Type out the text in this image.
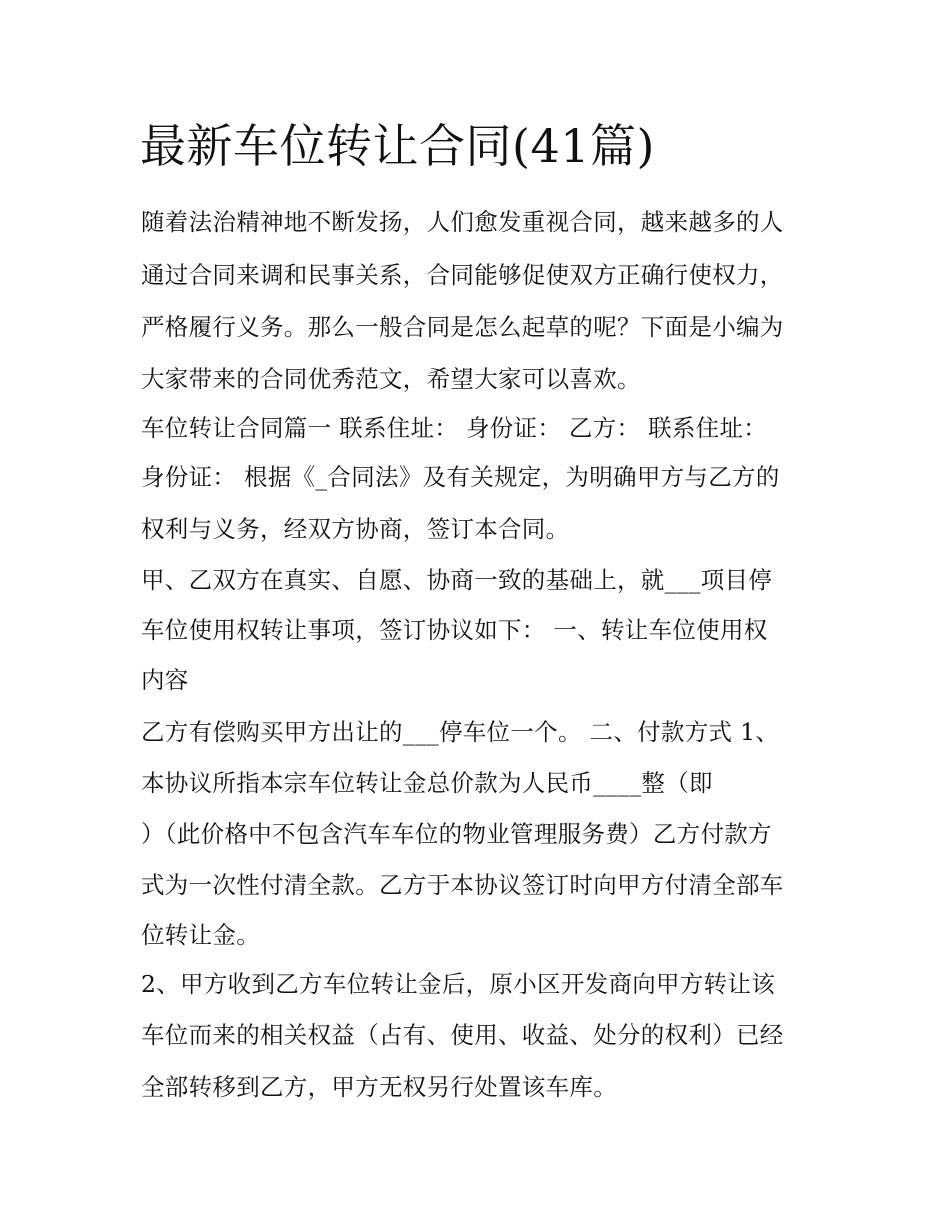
最新车位转让合同(41篇)

随着法治精神地不断发扬，人们愈发重视合同，越来越多的人

通过合同来调和民事关系，合同能够促使双方正确行使权力，

严格履行义务。那么一般合同是怎么起草的呢？下面是小编为

大家带来的合同优秀范文，希望大家可以喜欢。

车位转让合同篇一 联系住址： 身份证： 乙方： 联系住址：

身份证： 根据《_合同法》及有关规定，为明确甲方与乙方的

权利与义务，经双方协商，签订本合同。

甲、乙双方在真实、自愿、协商一致的基础上，就___项目停

车位使用权转让事项，签订协议如下： 一、转让车位使用权

内容

乙方有偿购买甲方出让的___停车位一个。 二、付款方式 1、

本协议所指本宗车位转让金总价款为人民币____整（即

）（此价格中不包含汽车车位的物业管理服务费）乙方付款方

式为一次性付清全款。乙方于本协议签订时向甲方付清全部车

位转让金。

2、甲方收到乙方车位转让金后，原小区开发商向甲方转让该

车位而来的相关权益（占有、使用、收益、处分的权利）已经

全部转移到乙方，甲方无权另行处置该车库。
